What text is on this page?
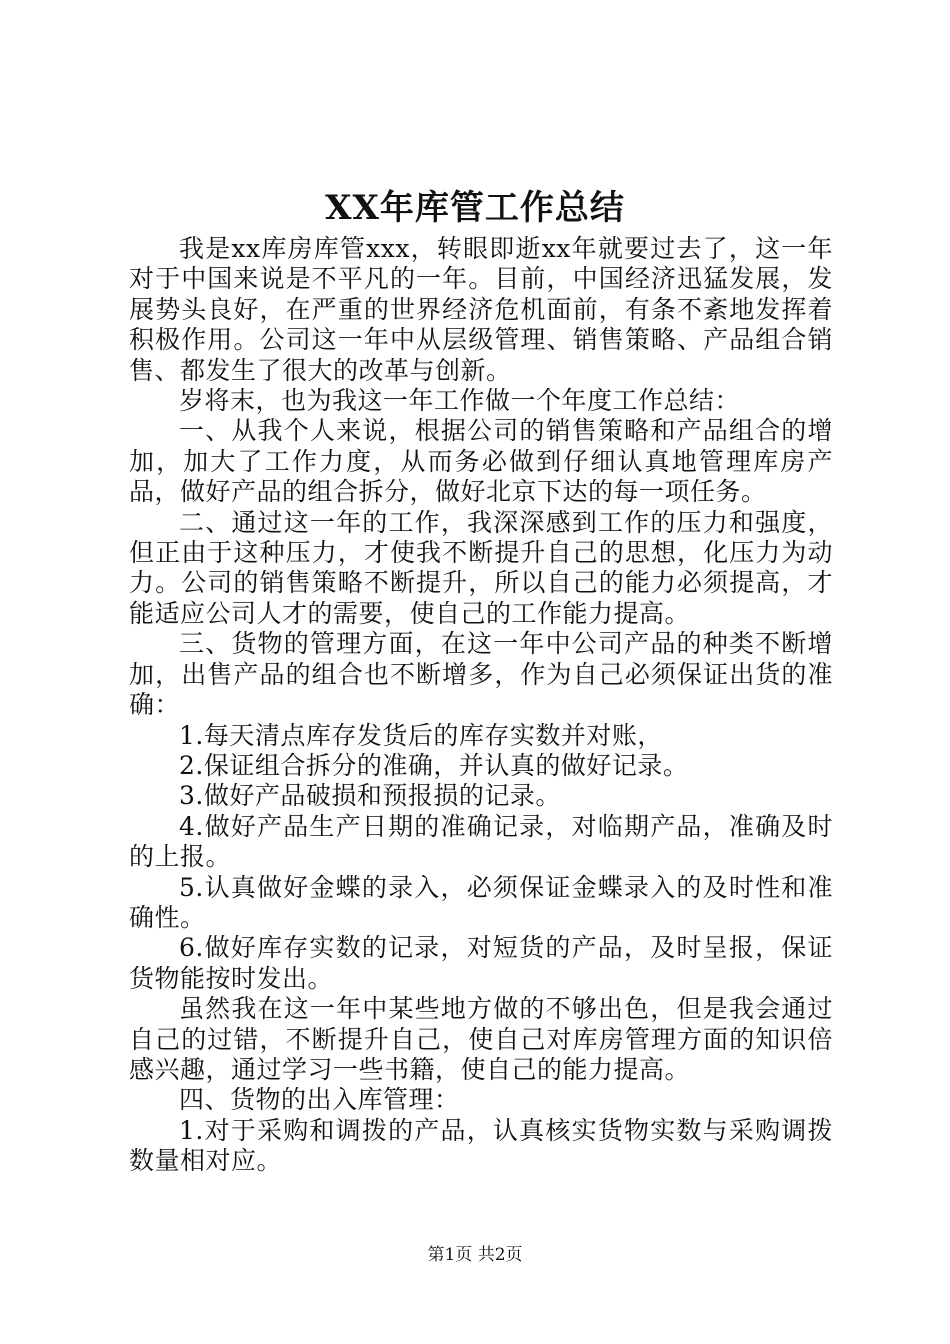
XX年库管工作总结

我是xx库房库管xxx，转眼即逝xx年就要过去了，这一年对于中国来说是不平凡的一年。目前，中国经济迅猛发展，发展势头良好，在严重的世界经济危机面前，有条不紊地发挥着积极作用。公司这一年中从层级管理、销售策略、产品组合销售、都发生了很大的改革与创新。

岁将末，也为我这一年工作做一个年度工作总结：

一、从我个人来说，根据公司的销售策略和产品组合的增加，加大了工作力度，从而务必做到仔细认真地管理库房产品，做好产品的组合拆分，做好北京下达的每一项任务。

二、通过这一年的工作，我深深感到工作的压力和强度，但正由于这种压力，才使我不断提升自己的思想，化压力为动力。公司的销售策略不断提升，所以自己的能力必须提高，才能适应公司人才的需要，使自己的工作能力提高。

三、货物的管理方面，在这一年中公司产品的种类不断增加，出售产品的组合也不断增多，作为自己必须保证出货的准确：

1.每天清点库存发货后的库存实数并对账，

2.保证组合拆分的准确，并认真的做好记录。

3.做好产品破损和预报损的记录。

4.做好产品生产日期的准确记录，对临期产品，准确及时的上报。

5.认真做好金蝶的录入，必须保证金蝶录入的及时性和准确性。

6.做好库存实数的记录，对短货的产品，及时呈报，保证货物能按时发出。

虽然我在这一年中某些地方做的不够出色，但是我会通过自己的过错，不断提升自己，使自己对库房管理方面的知识倍感兴趣，通过学习一些书籍，使自己的能力提高。

四、货物的出入库管理：

1.对于采购和调拨的产品，认真核实货物实数与采购调拨数量相对应。

第1页 共2页
